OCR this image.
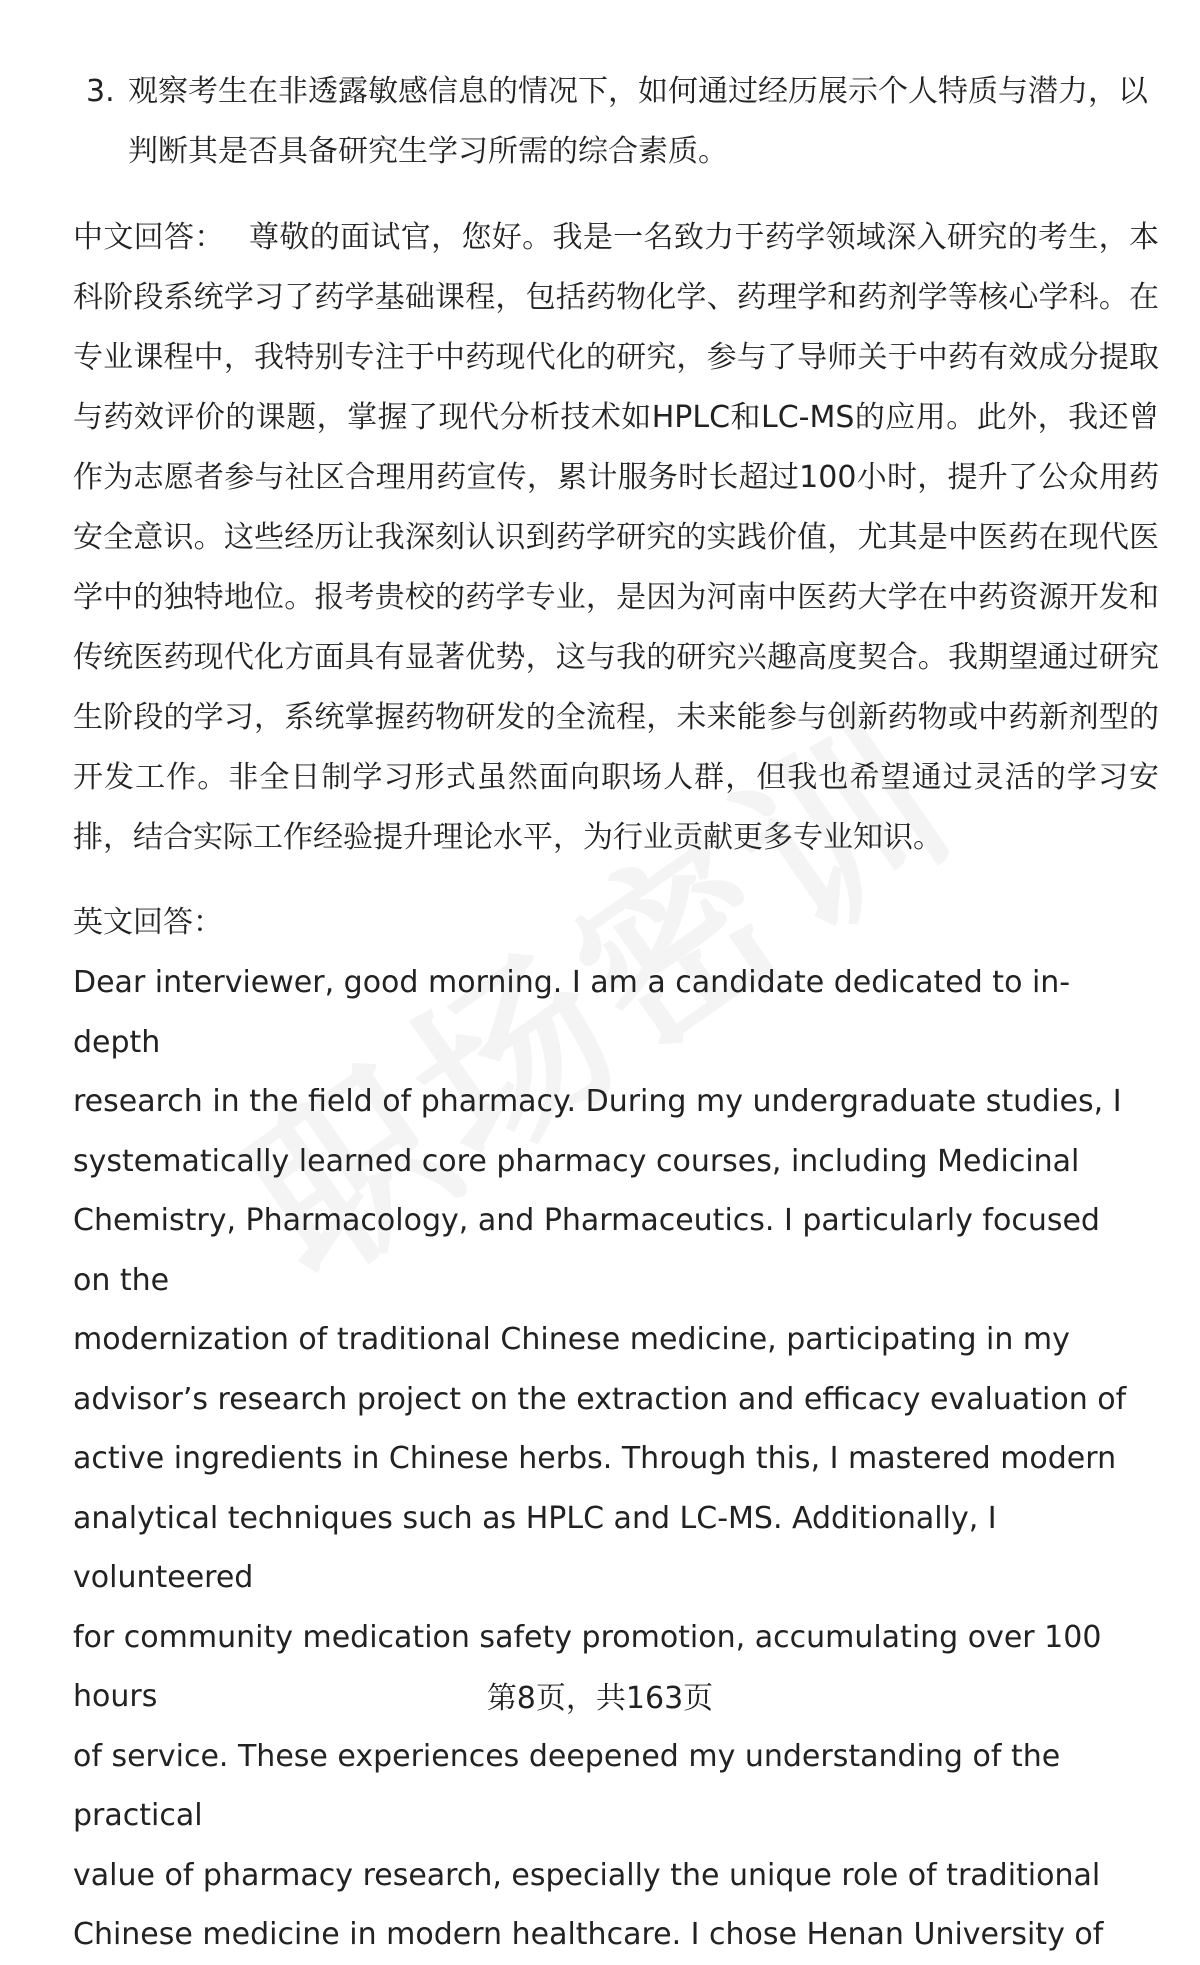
3. 观察考生在非透露敏感信息的情况下，如何通过经历展示个人特质与潜力，以判断其是否具备研究生学习所需的综合素质。
中文回答： 尊敬的面试官，您好。我是一名致力于药学领域深入研究的考生，本科阶段系统学习了药学基础课程，包括药物化学、药理学和药剂学等核心学科。在专业课程中，我特别专注于中药现代化的研究，参与了导师关于中药有效成分提取与药效评价的课题，掌握了现代分析技术如HPLC和LC-MS的应用。此外，我还曾作为志愿者参与社区合理用药宣传，累计服务时长超过100小时，提升了公众用药安全意识。这些经历让我深刻认识到药学研究的实践价值，尤其是中医药在现代医学中的独特地位。报考贵校的药学专业，是因为河南中医药大学在中药资源开发和传统医药现代化方面具有显著优势，这与我的研究兴趣高度契合。我期望通过研究生阶段的学习，系统掌握药物研发的全流程，未来能参与创新药物或中药新剂型的开发工作。非全日制学习形式虽然面向职场人群，但我也希望通过灵活的学习安排，结合实际工作经验提升理论水平，为行业贡献更多专业知识。
英文回答：
Dear interviewer, good morning. I am a candidate dedicated to in-depth
research in the field of pharmacy. During my undergraduate studies, I
systematically learned core pharmacy courses, including Medicinal
Chemistry, Pharmacology, and Pharmaceutics. I particularly focused on the
modernization of traditional Chinese medicine, participating in my
advisor’s research project on the extraction and efficacy evaluation of
active ingredients in Chinese herbs. Through this, I mastered modern
analytical techniques such as HPLC and LC-MS. Additionally, I volunteered
for community medication safety promotion, accumulating over 100 hours
of service. These experiences deepened my understanding of the practical
value of pharmacy research, especially the unique role of traditional
Chinese medicine in modern healthcare. I chose Henan University of
第8页，共163页
